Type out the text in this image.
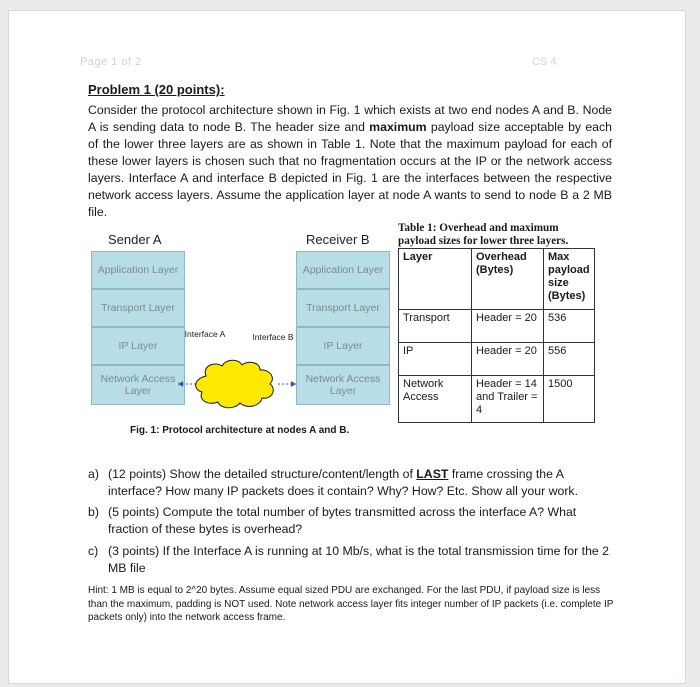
Page 1 of 2	CS 4
Problem 1 (20 points):
Consider the protocol architecture shown in Fig. 1 which exists at two end nodes A and B. Node A is sending data to node B. The header size and maximum payload size acceptable by each of the lower three layers are as shown in Table 1. Note that the maximum payload for each of these lower layers is chosen such that no fragmentation occurs at the IP or the network access layers. Interface A and interface B depicted in Fig. 1 are the interfaces between the respective network access layers. Assume the application layer at node A wants to send to node B a 2 MB file.
Sender A	Receiver B
Application Layer
Transport Layer
IP Layer
Network Access Layer
Application Layer
Transport Layer
IP Layer
Network Access Layer
Interface A	Interface B
Fig. 1: Protocol architecture at nodes A and B.
Table 1: Overhead and maximum payload sizes for lower three layers.
Layer	Overhead (Bytes)	Max payload size (Bytes)
Transport	Header = 20	536
IP	Header = 20	556
Network Access	Header = 14 and Trailer = 4	1500
a) (12 points) Show the detailed structure/content/length of LAST frame crossing the A interface? How many IP packets does it contain? Why? How? Etc. Show all your work.
b) (5 points) Compute the total number of bytes transmitted across the interface A? What fraction of these bytes is overhead?
c) (3 points) If the Interface A is running at 10 Mb/s, what is the total transmission time for the 2 MB file
Hint: 1 MB is equal to 2^20 bytes. Assume equal sized PDU are exchanged. For the last PDU, if payload size is less than the maximum, padding is NOT used. Note network access layer fits integer number of IP packets (i.e. complete IP packets only) into the network access frame.
